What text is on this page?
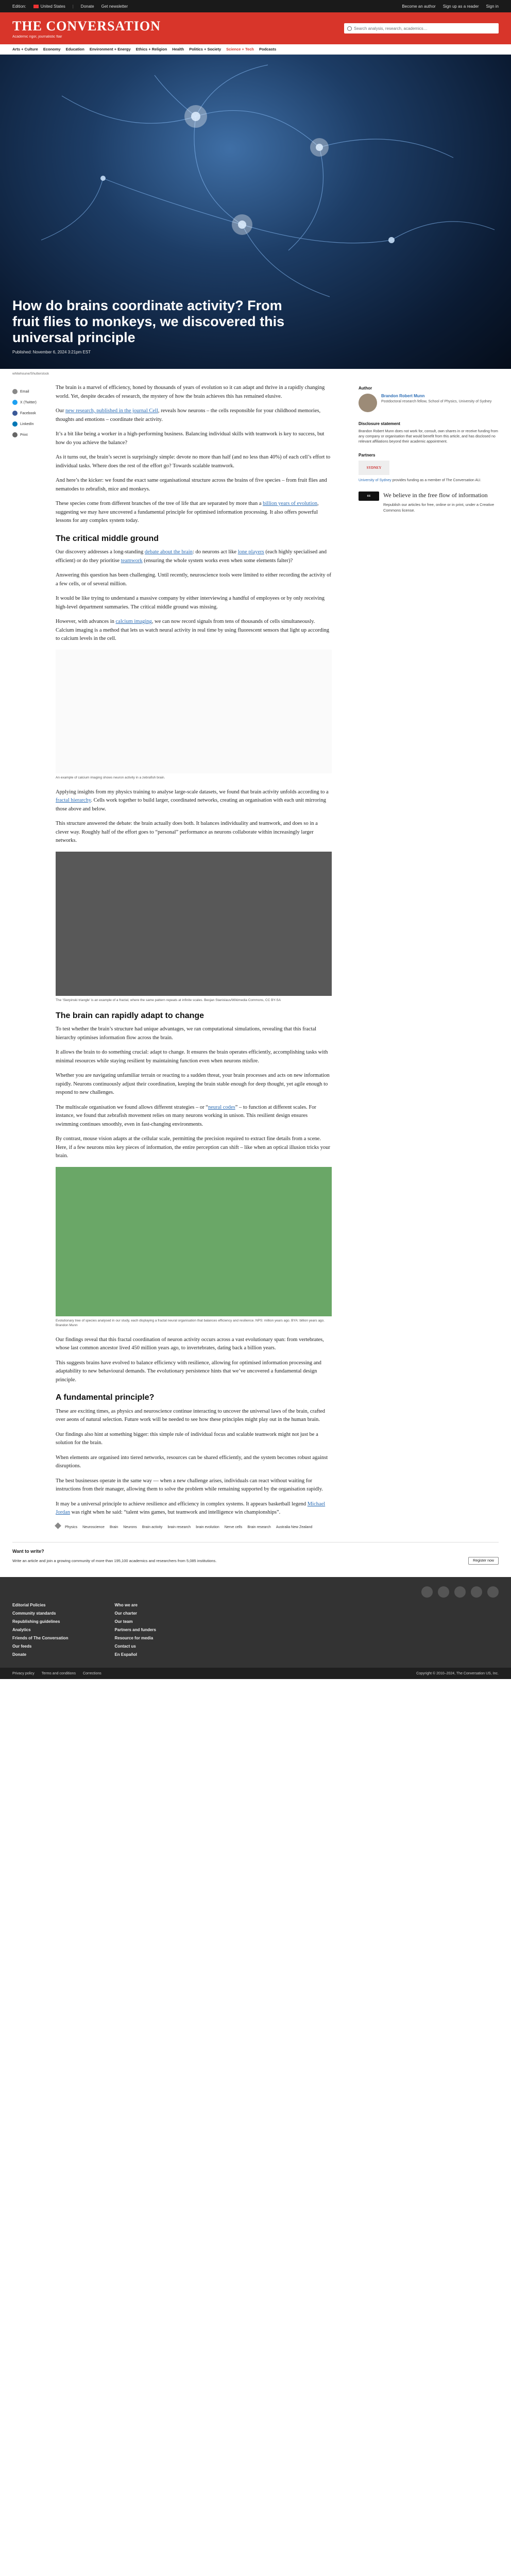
Edition:	United States | Donate Get newsletter	Become an author Sign up as a reader Sign in
THE CONVERSATION
Academic rigor, journalistic flair
Search analysis, research, academics…
Arts + Culture Economy Education Environment + Energy Ethics + Religion Health Politics + Society Science + Tech Podcasts
How do brains coordinate activity? From fruit flies to monkeys, we discovered this universal principle
Published: November 6, 2024 3:21pm EST
whitehoune/Shutterstock
Email
X (Twitter)
Facebook
LinkedIn
Print

The brain is a marvel of efficiency, honed by thousands of years of evolution so it can adapt and thrive in a rapidly changing world. Yet, despite decades of research, the mystery of how the brain achieves this has remained elusive.

Our new research, published in the journal Cell, reveals how neurons – the cells responsible for your childhood memories, thoughts and emotions – coordinate their activity.

It’s a bit like being a worker in a high-performing business. Balancing individual skills with teamwork is key to success, but how do you achieve the balance?

As it turns out, the brain’s secret is surprisingly simple: devote no more than half (and no less than 40%) of each cell’s effort to individual tasks. Where does the rest of the effort go? Towards scalable teamwork.

And here’s the kicker: we found the exact same organisational structure across the brains of five species – from fruit flies and nematodes to zebrafish, mice and monkeys.

These species come from different branches of the tree of life that are separated by more than a billion years of evolution, suggesting we may have uncovered a fundamental principle for optimised information processing. It also offers powerful lessons for any complex system today.

The critical middle ground

Our discovery addresses a long-standing debate about the brain: do neurons act like lone players (each highly specialised and efficient) or do they prioritise teamwork (ensuring the whole system works even when some elements falter)?

Answering this question has been challenging. Until recently, neuroscience tools were limited to either recording the activity of a few cells, or of several million.

It would be like trying to understand a massive company by either interviewing a handful of employees or by only receiving high-level department summaries. The critical middle ground was missing.

However, with advances in calcium imaging, we can now record signals from tens of thousands of cells simultaneously. Calcium imaging is a method that lets us watch neural activity in real time by using fluorescent sensors that light up according to calcium levels in the cell.

An example of calcium imaging shows neuron activity in a zebrafish brain.

Applying insights from my physics training to analyse large-scale datasets, we found that brain activity unfolds according to a fractal hierarchy. Cells work together to build larger, coordinated networks, creating an organisation with each unit mirroring those above and below.

This structure answered the debate: the brain actually does both. It balances individuality and teamwork, and does so in a clever way. Roughly half of the effort goes to “personal” performance as neurons collaborate within increasingly larger networks.

The ‘Sierpinski triangle’ is an example of a fractal, where the same pattern repeats at infinite scales. Beojan Stanislaus/Wikimedia Commons, CC BY-SA
The brain can rapidly adapt to change

To test whether the brain’s structure had unique advantages, we ran computational simulations, revealing that this fractal hierarchy optimises information flow across the brain.

It allows the brain to do something crucial: adapt to change. It ensures the brain operates efficiently, accomplishing tasks with minimal resources while staying resilient by maintaining function even when neurons misfire.

Whether you are navigating unfamiliar terrain or reacting to a sudden threat, your brain processes and acts on new information rapidly. Neurons continuously adjust their coordination, keeping the brain stable enough for deep thought, yet agile enough to respond to new challenges.

The multiscale organisation we found allows different strategies – or “neural codes” – to function at different scales. For instance, we found that zebrafish movement relies on many neurons working in unison. This resilient design ensures swimming continues smoothly, even in fast-changing environments.

By contrast, mouse vision adapts at the cellular scale, permitting the precision required to extract fine details from a scene. Here, if a few neurons miss key pieces of information, the entire perception can shift – like when an optical illusion tricks your brain.

Evolutionary tree of species analysed in our study, each displaying a fractal neural organisation that balances efficiency and resilience. NPS: million years ago. BYA: billion years ago. Brandon Munn

Our findings reveal that this fractal coordination of neuron activity occurs across a vast evolutionary span: from vertebrates, whose last common ancestor lived 450 million years ago, to invertebrates, dating back a billion years.

This suggests brains have evolved to balance efficiency with resilience, allowing for optimised information processing and adaptability to new behavioural demands. The evolutionary persistence hints that we’ve uncovered a fundamental design principle.

A fundamental principle?

These are exciting times, as physics and neuroscience continue interacting to uncover the universal laws of the brain, crafted over aeons of natural selection. Future work will be needed to see how these principles might play out in the human brain.

Our findings also hint at something bigger: this simple rule of individual focus and scalable teamwork might not just be a solution for the brain.

When elements are organised into tiered networks, resources can be shared efficiently, and the system becomes robust against disruptions.

The best businesses operate in the same way — when a new challenge arises, individuals can react without waiting for instructions from their manager, allowing them to solve the problem while remaining supported by the organisation rapidly.

It may be a universal principle to achieve resilience and efficiency in complex systems. It appears basketball legend Michael Jordan was right when he said: “talent wins games, but teamwork and intelligence win championships”.

Physics Neuroscience Brain Neurons Brain activity brain research brain evolution Nerve cells Brain research Australia New Zealand
Author
Brandon Robert Munn
Postdoctoral research fellow, School of Physics, University of Sydney
Disclosure statement
Brandon Robert Munn does not work for, consult, own shares in or receive funding from any company or organisation that would benefit from this article, and has disclosed no relevant affiliations beyond their academic appointment.
Partners
SYDNEY
University of Sydney provides funding as a member of The Conversation AU.
cc	We believe in the free flow of information
Republish our articles for free, online or in print, under a Creative Commons license.
Want to write?
Write an article and join a growing community of more than 195,100 academics and researchers from 5,085 institutions.	Register now
Editorial Policies
Community standards
Republishing guidelines
Analytics
Friends of The Conversation
Our feeds
Donate
Who we are
Our charter
Our team
Partners and funders
Resource for media
Contact us
En Español
Privacy policy Terms and conditions Corrections	Copyright © 2010–2024, The Conversation US, Inc.
